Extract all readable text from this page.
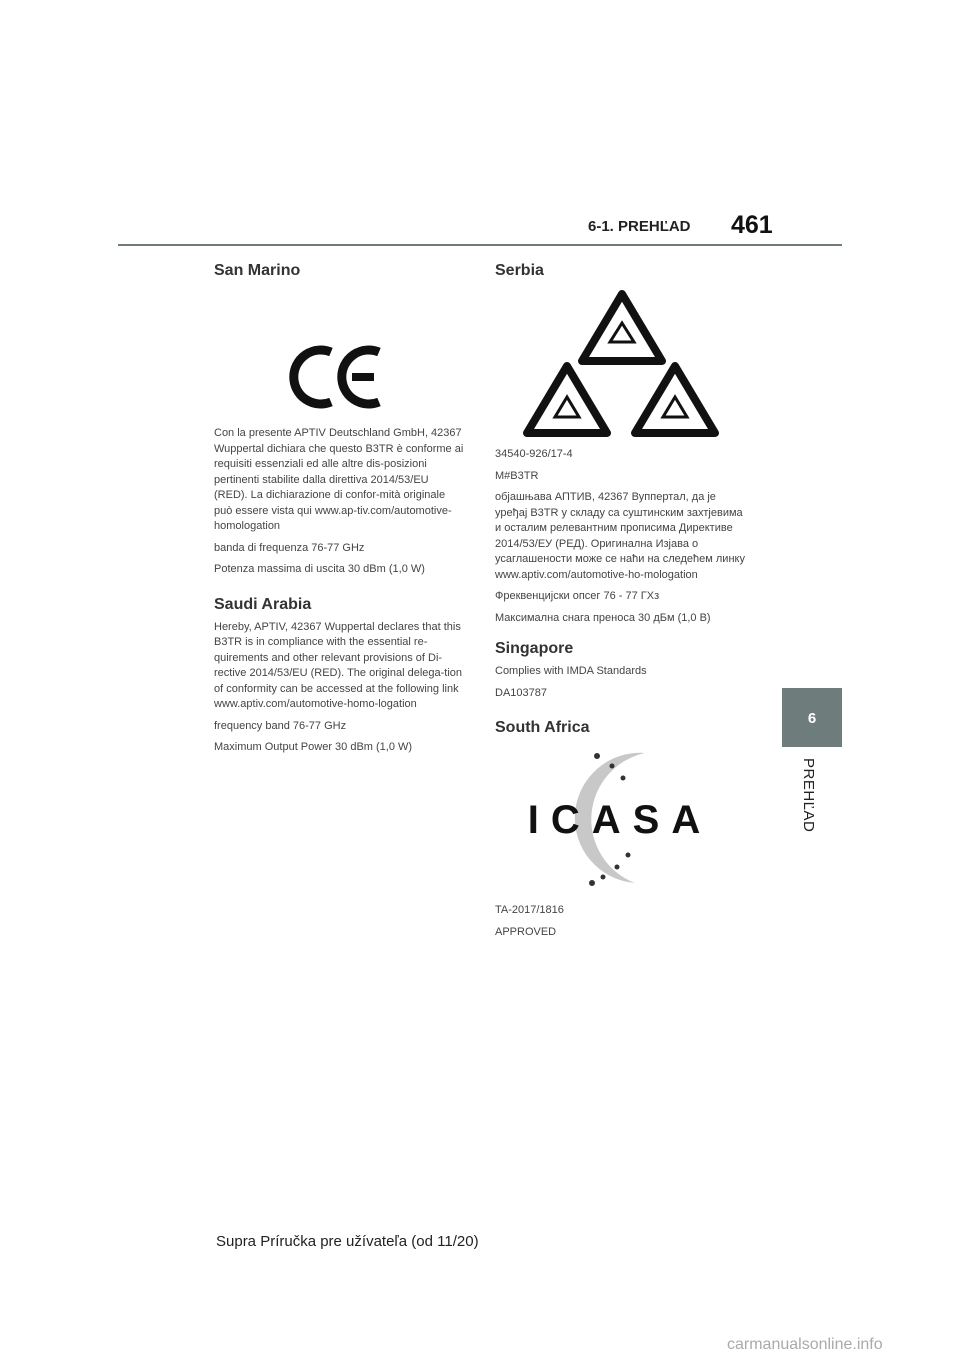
6-1. PREHĽAD 461
6
PREHĽAD
San Marino

Con la presente APTIV Deutschland GmbH, 42367 Wuppertal dichiara che questo B3TR è conforme ai requisiti essenziali ed alle altre dis-posizioni pertinenti stabilite dalla direttiva 2014/53/EU (RED). La dichiarazione di confor-mità originale può essere vista qui www.ap-tiv.com/automotive-homologation

banda di frequenza 76-77 GHz

Potenza massima di uscita 30 dBm (1,0 W)

Saudi Arabia

Hereby, APTIV, 42367 Wuppertal declares that this B3TR is in compliance with the essential re-quirements and other relevant provisions of Di-rective 2014/53/EU (RED). The original delega-tion of conformity can be accessed at the following link www.aptiv.com/automotive-homo-logation

frequency band 76-77 GHz

Maximum Output Power 30 dBm (1,0 W)

Serbia

34540-926/17-4

M#B3TR

објашњава АПТИВ, 42367 Вуппертал, да је уређај B3TR у складу са суштинским захтјевима и осталим релевантним прописима Директиве 2014/53/ЕУ (РЕД). Оригинална Изјава о усаглашености може се наћи на следећем линку www.aptiv.com/automotive-ho-mologation

Фреквенцијски опсег 76 - 77 ГХз

Максимална снага преноса 30 дБм (1,0 В)

Singapore

Complies with IMDA Standards

DA103787

South Africa
ICASA

TA-2017/1816

APPROVED

Supra Príručka pre užívateľa (od 11/20)
carmanualsonline.info
